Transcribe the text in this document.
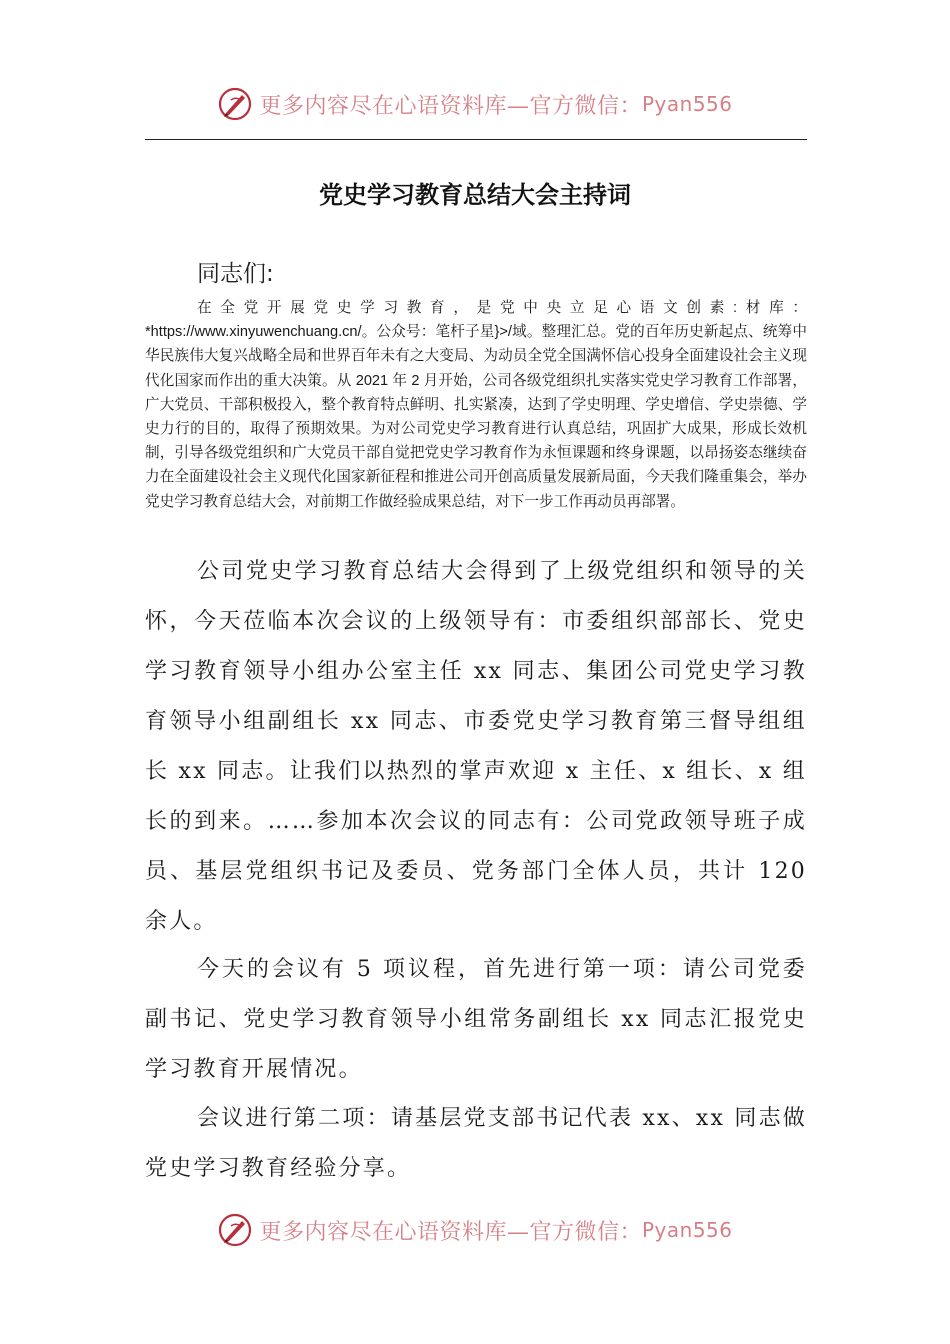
更多内容尽在心语资料库—官方微信： Pyan556
党史学习教育总结大会主持词
同志们:

在全党开展党史学习教育，是党中央立足心语文创素:材库： *https://www.xinyuwenchuang.cn/。公众号：笔杆子星}>/域。整理汇总。党的百年历史新起点、统筹中华民族伟大复兴战略全局和世界百年未有之大变局、为动员全党全国满怀信心投身全面建设社会主义现代化国家而作出的重大决策。从 2021 年 2 月开始，公司各级党组织扎实落实党史学习教育工作部署，广大党员、干部积极投入，整个教育特点鲜明、扎实紧凑，达到了学史明理、学史增信、学史崇德、学史力行的目的，取得了预期效果。为对公司党史学习教育进行认真总结，巩固扩大成果，形成长效机制，引导各级党组织和广大党员干部自觉把党史学习教育作为永恒课题和终身课题，以昂扬姿态继续奋力在全面建设社会主义现代化国家新征程和推进公司开创高质量发展新局面，今天我们隆重集会，举办党史学习教育总结大会，对前期工作做经验成果总结，对下一步工作再动员再部署。

公司党史学习教育总结大会得到了上级党组织和领导的关怀，今天莅临本次会议的上级领导有：市委组织部部长、党史学习教育领导小组办公室主任 xx 同志、集团公司党史学习教育领导小组副组长 xx 同志、市委党史学习教育第三督导组组长 xx 同志。让我们以热烈的掌声欢迎 x 主任、x 组长、x 组长的到来。……参加本次会议的同志有：公司党政领导班子成员、基层党组织书记及委员、党务部门全体人员，共计 120 余人。

今天的会议有 5 项议程，首先进行第一项：请公司党委副书记、党史学习教育领导小组常务副组长 xx 同志汇报党史学习教育开展情况。

会议进行第二项：请基层党支部书记代表 xx、xx 同志做党史学习教育经验分享。

更多内容尽在心语资料库—官方微信： Pyan556
